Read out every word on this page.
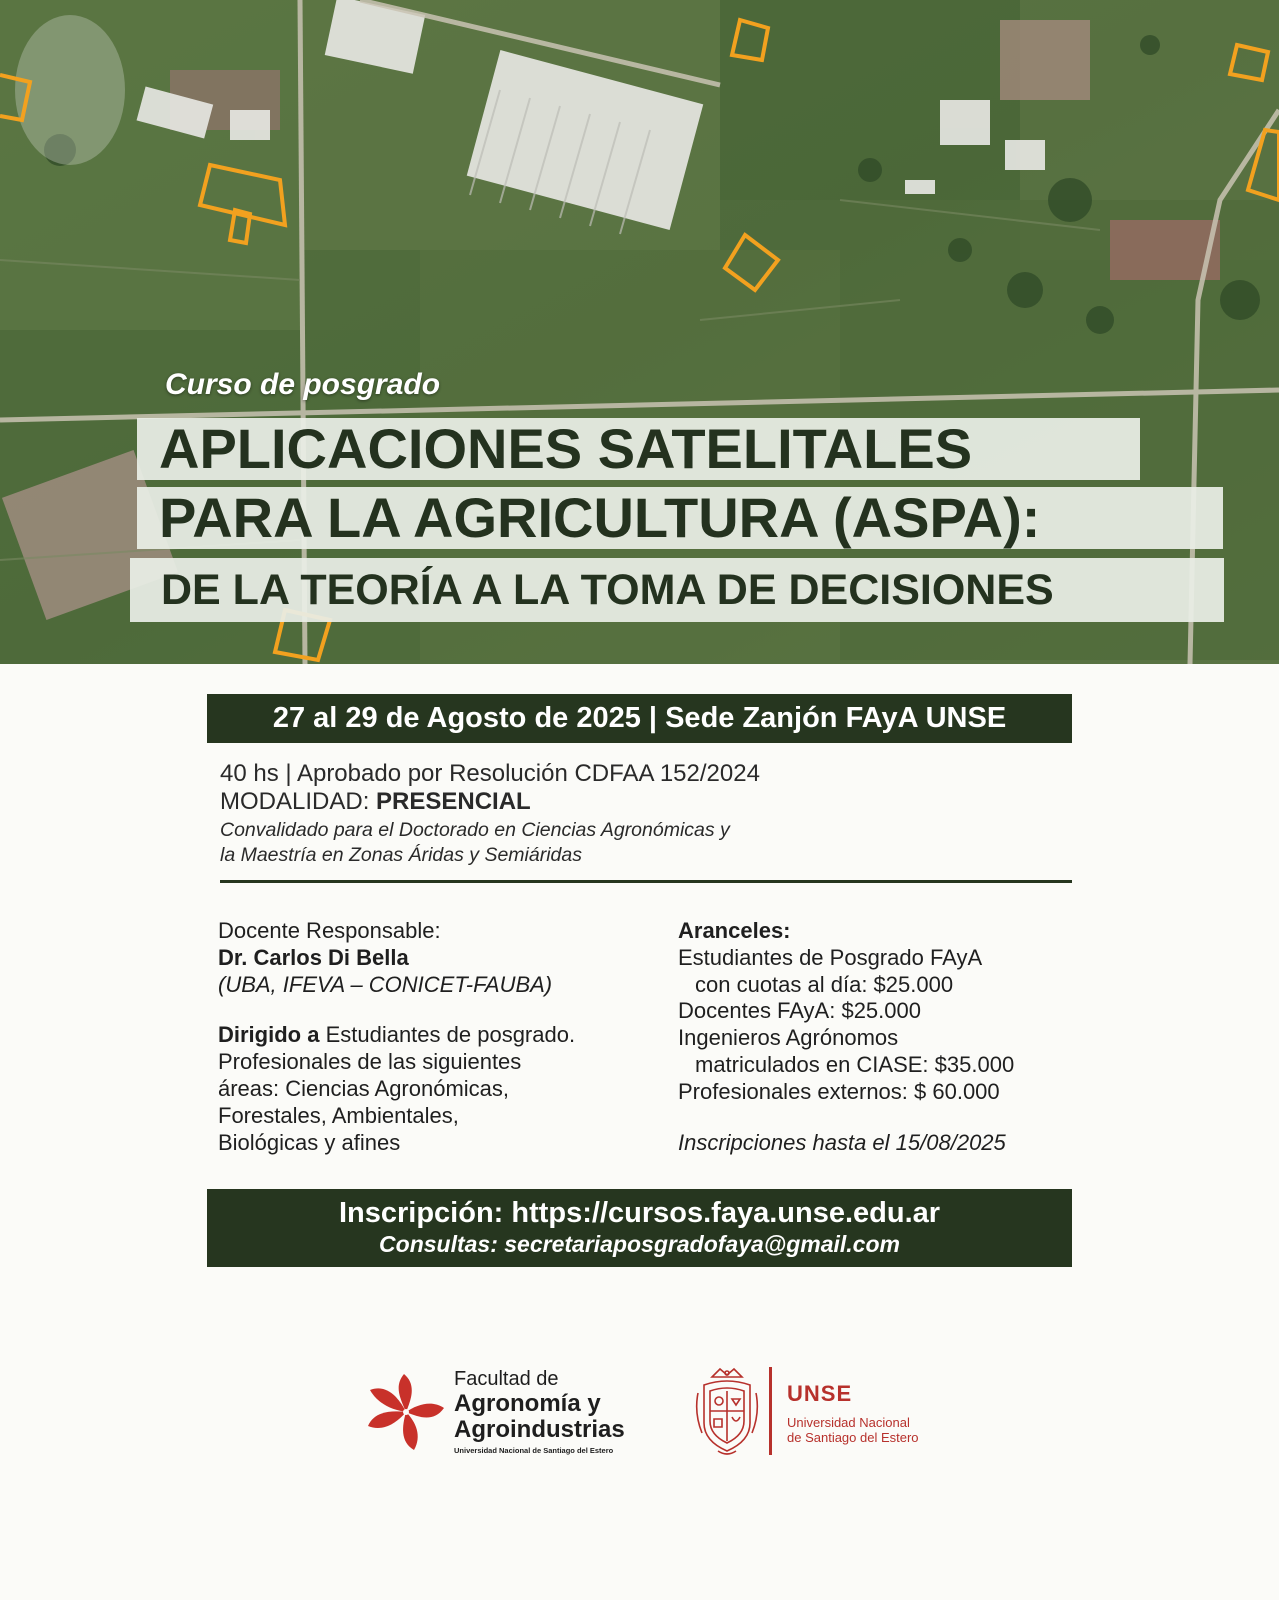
Curso de posgrado
APLICACIONES SATELITALES
PARA LA AGRICULTURA (ASPA):
DE LA TEORÍA A LA TOMA DE DECISIONES
27 al 29 de Agosto de 2025 | Sede Zanjón FAyA UNSE
40 hs | Aprobado por Resolución CDFAA 152/2024
MODALIDAD: PRESENCIAL
Convalidado para el Doctorado en Ciencias Agronómicas y
la Maestría en Zonas Áridas y Semiáridas
Docente Responsable:
Dr. Carlos Di Bella
(UBA, IFEVA – CONICET-FAUBA)
Dirigido a Estudiantes de posgrado.
Profesionales de las siguientes
áreas: Ciencias Agronómicas,
Forestales, Ambientales,
Biológicas y afines
Aranceles:
Estudiantes de Posgrado FAyA
con cuotas al día: $25.000
Docentes FAyA: $25.000
Ingenieros Agrónomos
matriculados en CIASE: $35.000
Profesionales externos: $ 60.000
Inscripciones hasta el 15/08/2025
Inscripción: https://cursos.faya.unse.edu.ar
Consultas: secretariaposgradofaya@gmail.com
Facultad de
Agronomía y
Agroindustrias
Universidad Nacional de Santiago del Estero
UNSE
Universidad Nacional
de Santiago del Estero
